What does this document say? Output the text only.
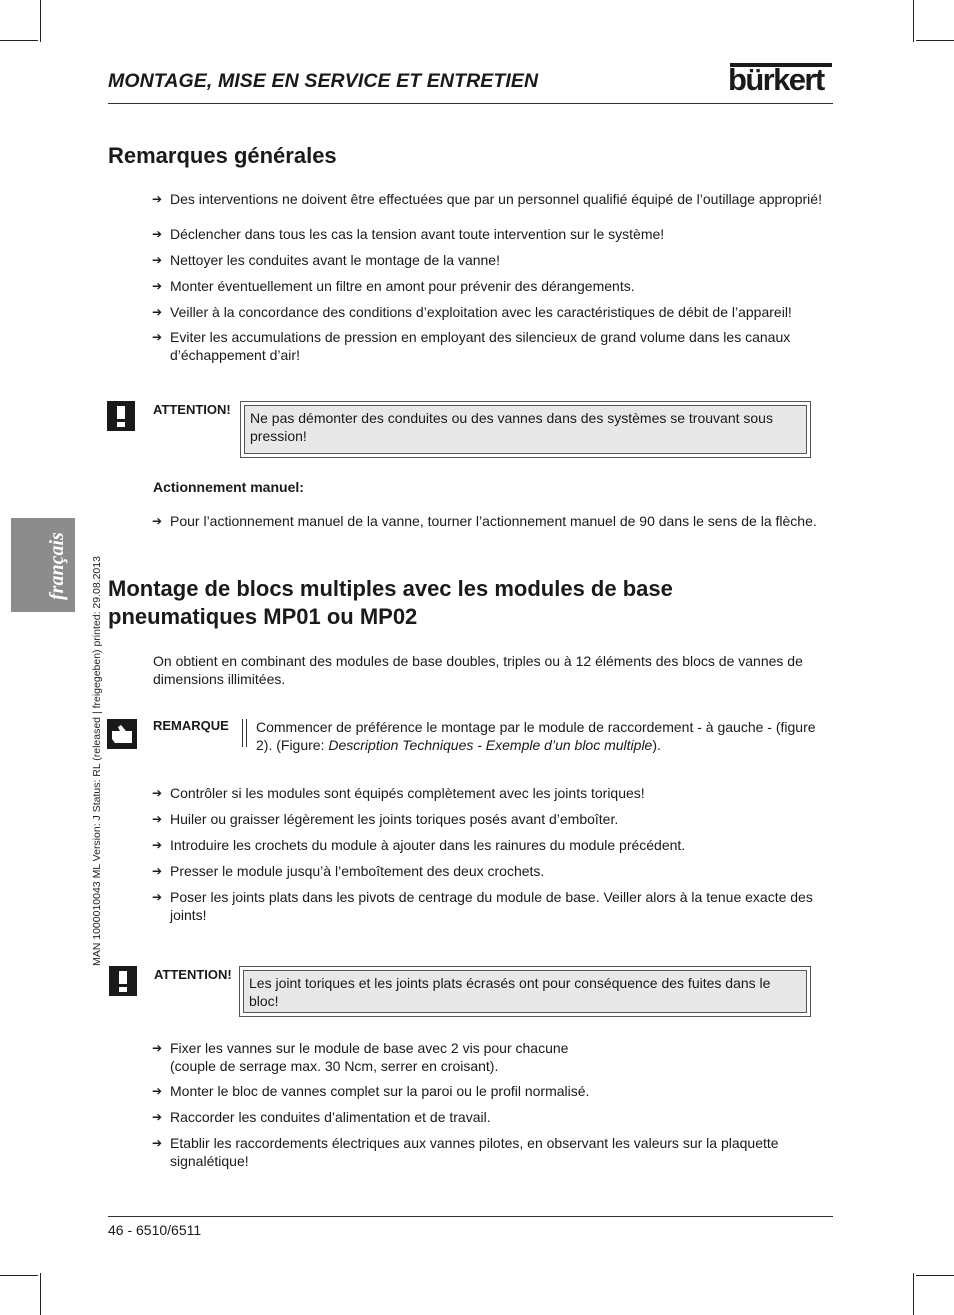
MONTAGE, MISE EN SERVICE ET ENTRETIEN	bürkert
français MAN 1000010043 ML Version: J Status: RL (released | freigegeben) printed: 29.08.2013
Remarques générales
➔ Des interventions ne doivent être effectuées que par un personnel qualifié équipé de l’outillage approprié!
➔ Déclencher dans tous les cas la tension avant toute intervention sur le système!
➔ Nettoyer les conduites avant le montage de la vanne!
➔ Monter éventuellement un filtre en amont pour prévenir des dérangements.
➔ Veiller à la concordance des conditions d’exploitation avec les caractéristiques de débit de l’appareil!
➔ Eviter les accumulations de pression en employant des silencieux de grand volume dans les canaux d’échappement d’air!
ATTENTION!
Ne pas démonter des conduites ou des vannes dans des systèmes se trouvant sous pression!
Actionnement manuel:
➔ Pour l’actionnement manuel de la vanne, tourner l’actionnement manuel de 90 dans le sens de la flèche.
Montage de blocs multiples avec les modules de base
pneumatiques MP01 ou MP02
On obtient en combinant des modules de base doubles, triples ou à 12 éléments des blocs de vannes de dimensions illimitées.
REMARQUE Commencer de préférence le montage par le module de raccordement - à gauche - (figure 2). (Figure: Description Techniques - Exemple d’un bloc multiple).
➔ Contrôler si les modules sont équipés complètement avec les joints toriques!
➔ Huiler ou graisser légèrement les joints toriques posés avant d’emboîter.
➔ Introduire les crochets du module à ajouter dans les rainures du module précédent.
➔ Presser le module jusqu’à l’emboîtement des deux crochets.
➔ Poser les joints plats dans les pivots de centrage du module de base. Veiller alors à la tenue exacte des joints!
ATTENTION!
Les joint toriques et les joints plats écrasés ont pour conséquence des fuites dans le bloc!
➔ Fixer les vannes sur le module de base avec 2 vis pour chacune
(couple de serrage max. 30 Ncm, serrer en croisant).
➔ Monter le bloc de vannes complet sur la paroi ou le profil normalisé.
➔ Raccorder les conduites d’alimentation et de travail.
➔ Etablir les raccordements électriques aux vannes pilotes, en observant les valeurs sur la plaquette signalétique!
46 - 6510/6511
